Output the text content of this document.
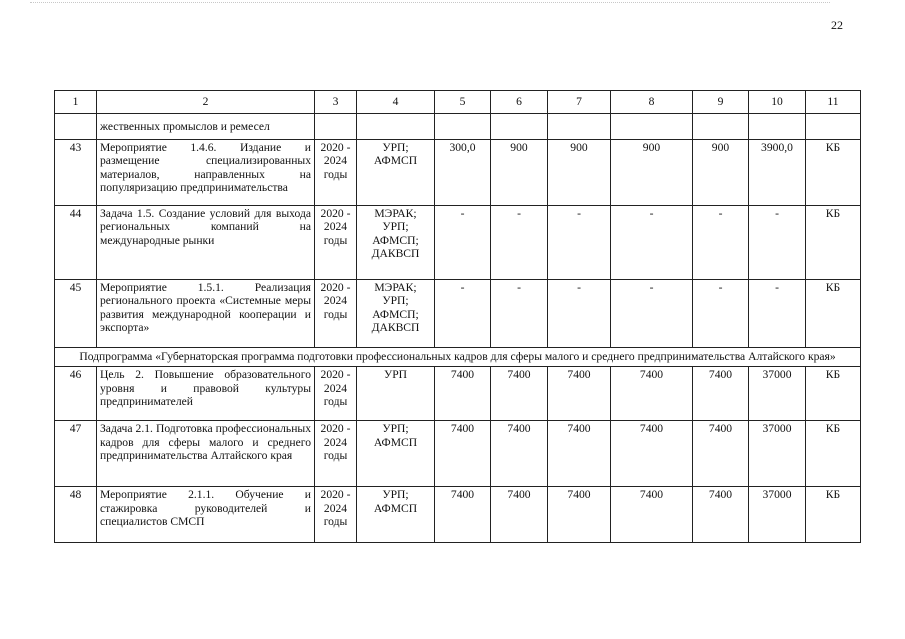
22
1	2	3	4	5	6	7	8	9	10	11
	жественных промыслов и ремесел									
43	Мероприятие 1.4.6. Издание и размещение специализированных материалов, направленных на популяризацию предпринимательства	2020 - 2024 годы	УРП; АФМСП	300,0	900	900	900	900	3900,0	КБ
44	Задача 1.5. Создание условий для выхода региональных компаний на международные рынки	2020 - 2024 годы	МЭРАК; УРП; АФМСП; ДАКВСП	-	-	-	-	-	-	КБ
45	Мероприятие 1.5.1. Реализация регионального проекта «Системные меры развития международной кооперации и экспорта»	2020 - 2024 годы	МЭРАК; УРП; АФМСП; ДАКВСП	-	-	-	-	-	-	КБ
Подпрограмма «Губернаторская программа подготовки профессиональных кадров для сферы малого и среднего предпринимательства Алтайского края»										
46	Цель 2. Повышение образовательного уровня и правовой культуры предпринимателей	2020 - 2024 годы	УРП	7400	7400	7400	7400	7400	37000	КБ
47	Задача 2.1. Подготовка профессиональных кадров для сферы малого и среднего предпринимательства Алтайского края	2020 - 2024 годы	УРП; АФМСП	7400	7400	7400	7400	7400	37000	КБ
48	Мероприятие 2.1.1. Обучение и стажировка руководителей и специалистов СМСП	2020 - 2024 годы	УРП; АФМСП	7400	7400	7400	7400	7400	37000	КБ
